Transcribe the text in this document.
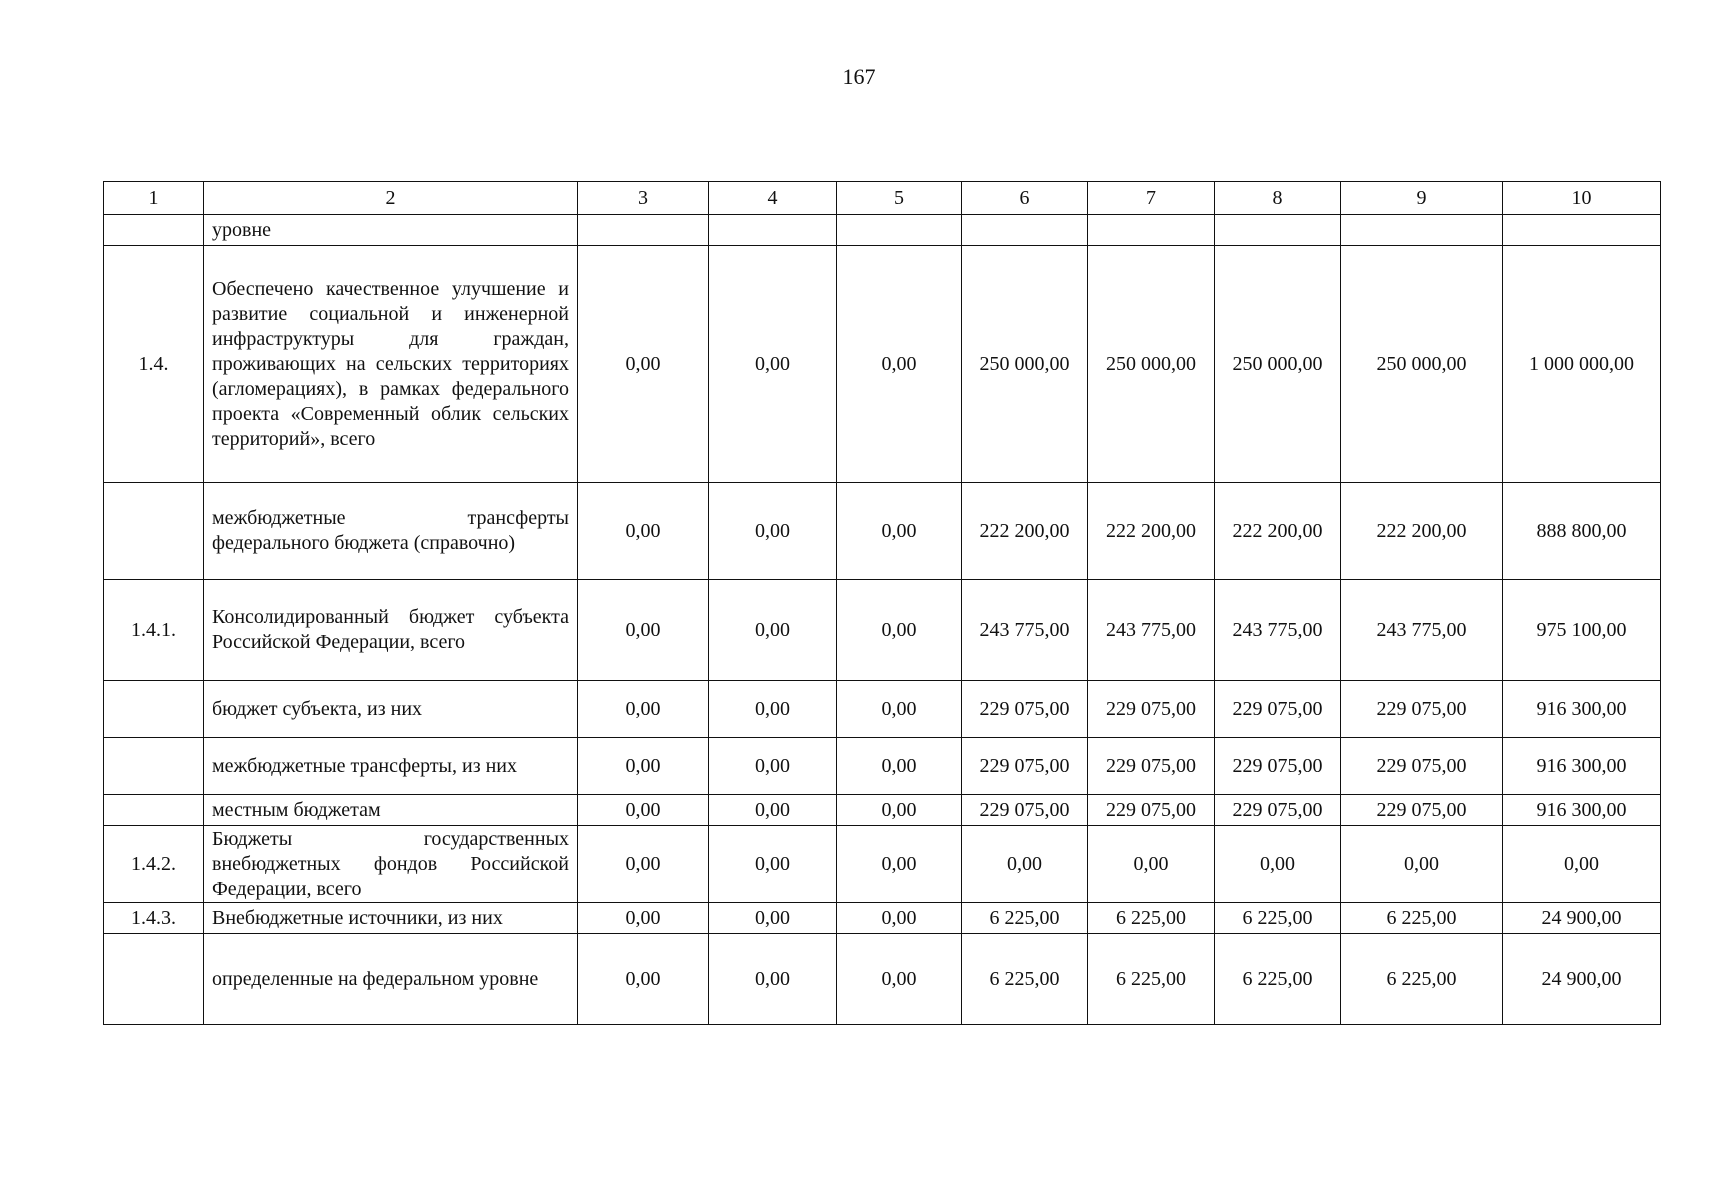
167
1	2	3	4	5	6	7	8	9	10
	уровне								
1.4.	Обеспечено качественное улучшение и развитие социальной и инженерной инфраструктуры для граждан, проживающих на сельских территориях (агломерациях), в рамках федерального проекта «Современный облик сельских территорий», всего	0,00	0,00	0,00	250 000,00	250 000,00	250 000,00	250 000,00	1 000 000,00
	межбюджетные трансферты федерального бюджета (справочно)	0,00	0,00	0,00	222 200,00	222 200,00	222 200,00	222 200,00	888 800,00
1.4.1.	Консолидированный бюджет субъекта Российской Федерации, всего	0,00	0,00	0,00	243 775,00	243 775,00	243 775,00	243 775,00	975 100,00
	бюджет субъекта, из них	0,00	0,00	0,00	229 075,00	229 075,00	229 075,00	229 075,00	916 300,00
	межбюджетные трансферты, из них	0,00	0,00	0,00	229 075,00	229 075,00	229 075,00	229 075,00	916 300,00
	местным бюджетам	0,00	0,00	0,00	229 075,00	229 075,00	229 075,00	229 075,00	916 300,00
1.4.2.	Бюджеты государственных внебюджетных фондов Российской Федерации, всего	0,00	0,00	0,00	0,00	0,00	0,00	0,00	0,00
1.4.3.	Внебюджетные источники, из них	0,00	0,00	0,00	6 225,00	6 225,00	6 225,00	6 225,00	24 900,00
	определенные на федеральном уровне	0,00	0,00	0,00	6 225,00	6 225,00	6 225,00	6 225,00	24 900,00
